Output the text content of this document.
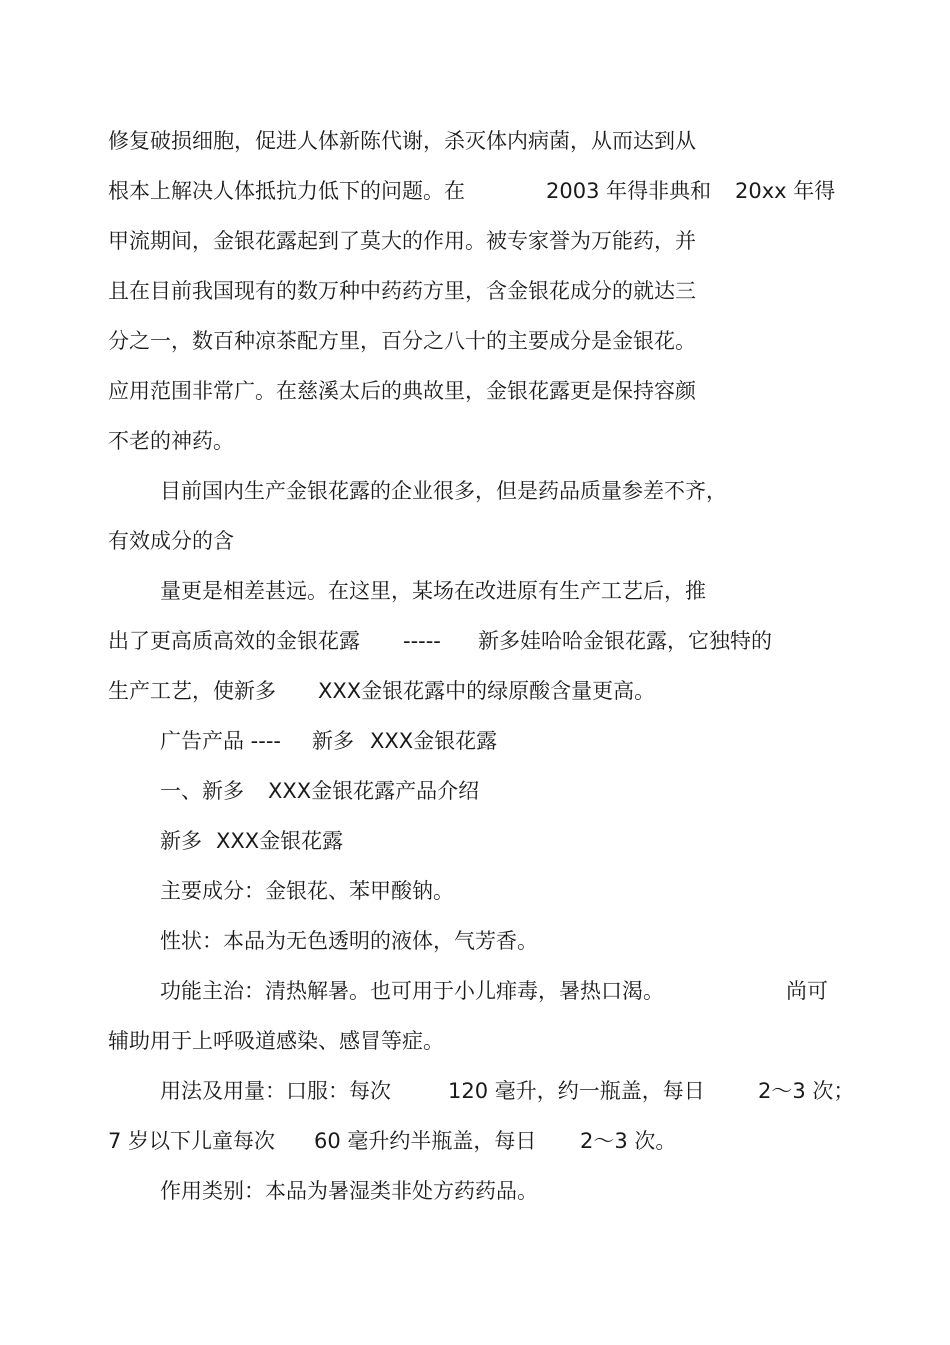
修复破损细胞，促进人体新陈代谢，杀灭体内病菌，从而达到从
根本上解决人体抵抗力低下的问题。在	2003 年得非典和 20xx 年得
甲流期间，金银花露起到了莫大的作用。被专家誉为万能药，并
且在目前我国现有的数万种中药药方里，含金银花成分的就达三
分之一，数百种凉茶配方里，百分之八十的主要成分是金银花。
应用范围非常广。在慈溪太后的典故里，金银花露更是保持容颜
不老的神药。
目前国内生产金银花露的企业很多，但是药品质量参差不齐，
有效成分的含
量更是相差甚远。在这里，某场在改进原有生产工艺后，推
出了更高质高效的金银花露 ----- 新多娃哈哈金银花露，它独特的
生产工艺，使新多 XXX金银花露中的绿原酸含量更高。
广告产品 ---- 新多 XXX金银花露
一、新多 XXX金银花露产品介绍
新多 XXX金银花露
主要成分：金银花、苯甲酸钠。
性状：本品为无色透明的液体，气芳香。
功能主治：清热解暑。也可用于小儿痱毒，暑热口渴。	尚可
辅助用于上呼吸道感染、感冒等症。
用法及用量：口服：每次	120 毫升，约一瓶盖，每日	2～3 次；
7 岁以下儿童每次 60 毫升约半瓶盖，每日 2～3 次。
作用类别：本品为暑湿类非处方药药品。
